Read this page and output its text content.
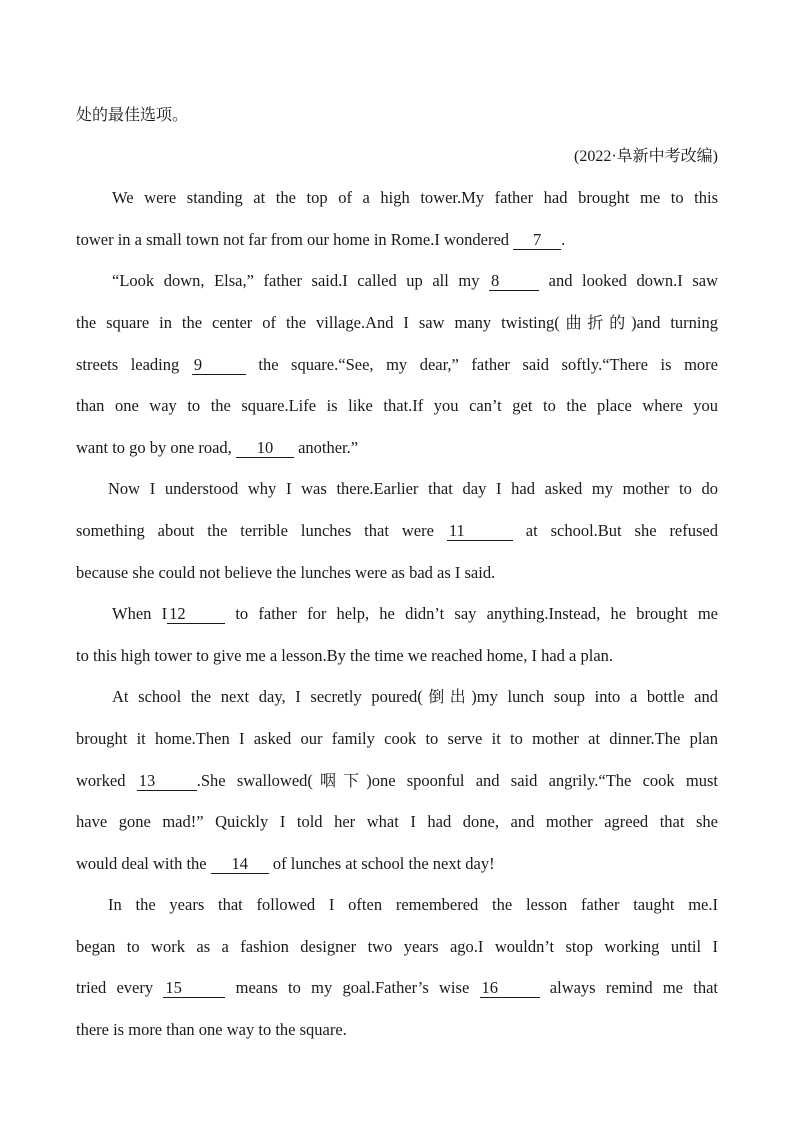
处的最佳选项。
(2022·阜新中考改编)
We were standing at the top of a high tower.My father had brought me to this
tower in a small town not far from our home in Rome.I wondered 7 .
“Look down, Elsa,” father said.I called up all my 8 and looked down.I saw
the square in the center of the village.And I saw many twisting(曲折的)and turning
streets leading 9	the square.“See, my dear,” father said softly.“There is more
than one way to the square.Life is like that.If you can’t get to the place where you
want to go by one road, 10 another.”
Now I understood why I was there.Earlier that day I had asked my mother to do
something about the terrible lunches that were 11	at school.But she refused
because she could not believe the lunches were as bad as I said.
When I 12 to father for help, he didn’t say anything.Instead, he brought me
to this high tower to give me a lesson.By the time we reached home, I had a plan.
At school the next day, I secretly poured(倒出)my lunch soup into a bottle and
brought it home.Then I asked our family cook to serve it to mother at dinner.The plan
worked 13	.She swallowed(咽下)one spoonful and said angrily.“The cook must
have gone mad!” Quickly I told her what I had done, and mother agreed that she
would deal with the 14 of lunches at school the next day!
In the years that followed I often remembered the lesson father taught me.I
began to work as a fashion designer two years ago.I wouldn’t stop working until I
tried every 15	means to my goal.Father’s wise 16	always remind me that
there is more than one way to the square.
